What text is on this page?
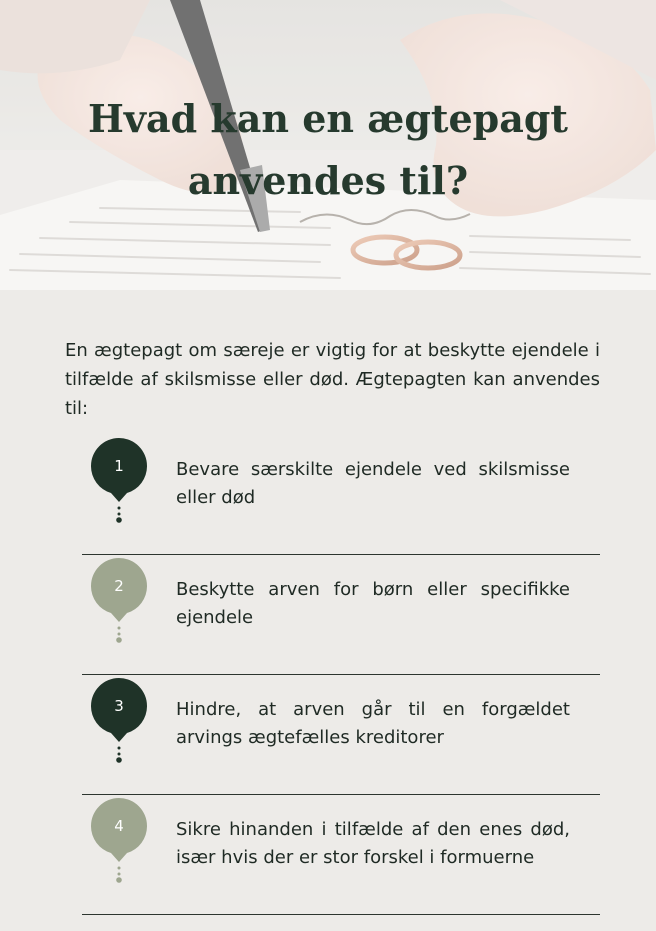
Hvad kan en ægtepagt
anvendes til?

En ægtepagt om særeje er vigtig for at beskytte ejendele i tilfælde af skilsmisse eller død. Ægtepagten kan anvendes til:

1	Bevare særskilte ejendele ved skilsmisse eller død
2	Beskytte arven for børn eller specifikke ejendele
3	Hindre, at arven går til en forgældet arvings ægtefælles kreditorer
4	Sikre hinanden i tilfælde af den enes død, især hvis der er stor forskel i formuerne
